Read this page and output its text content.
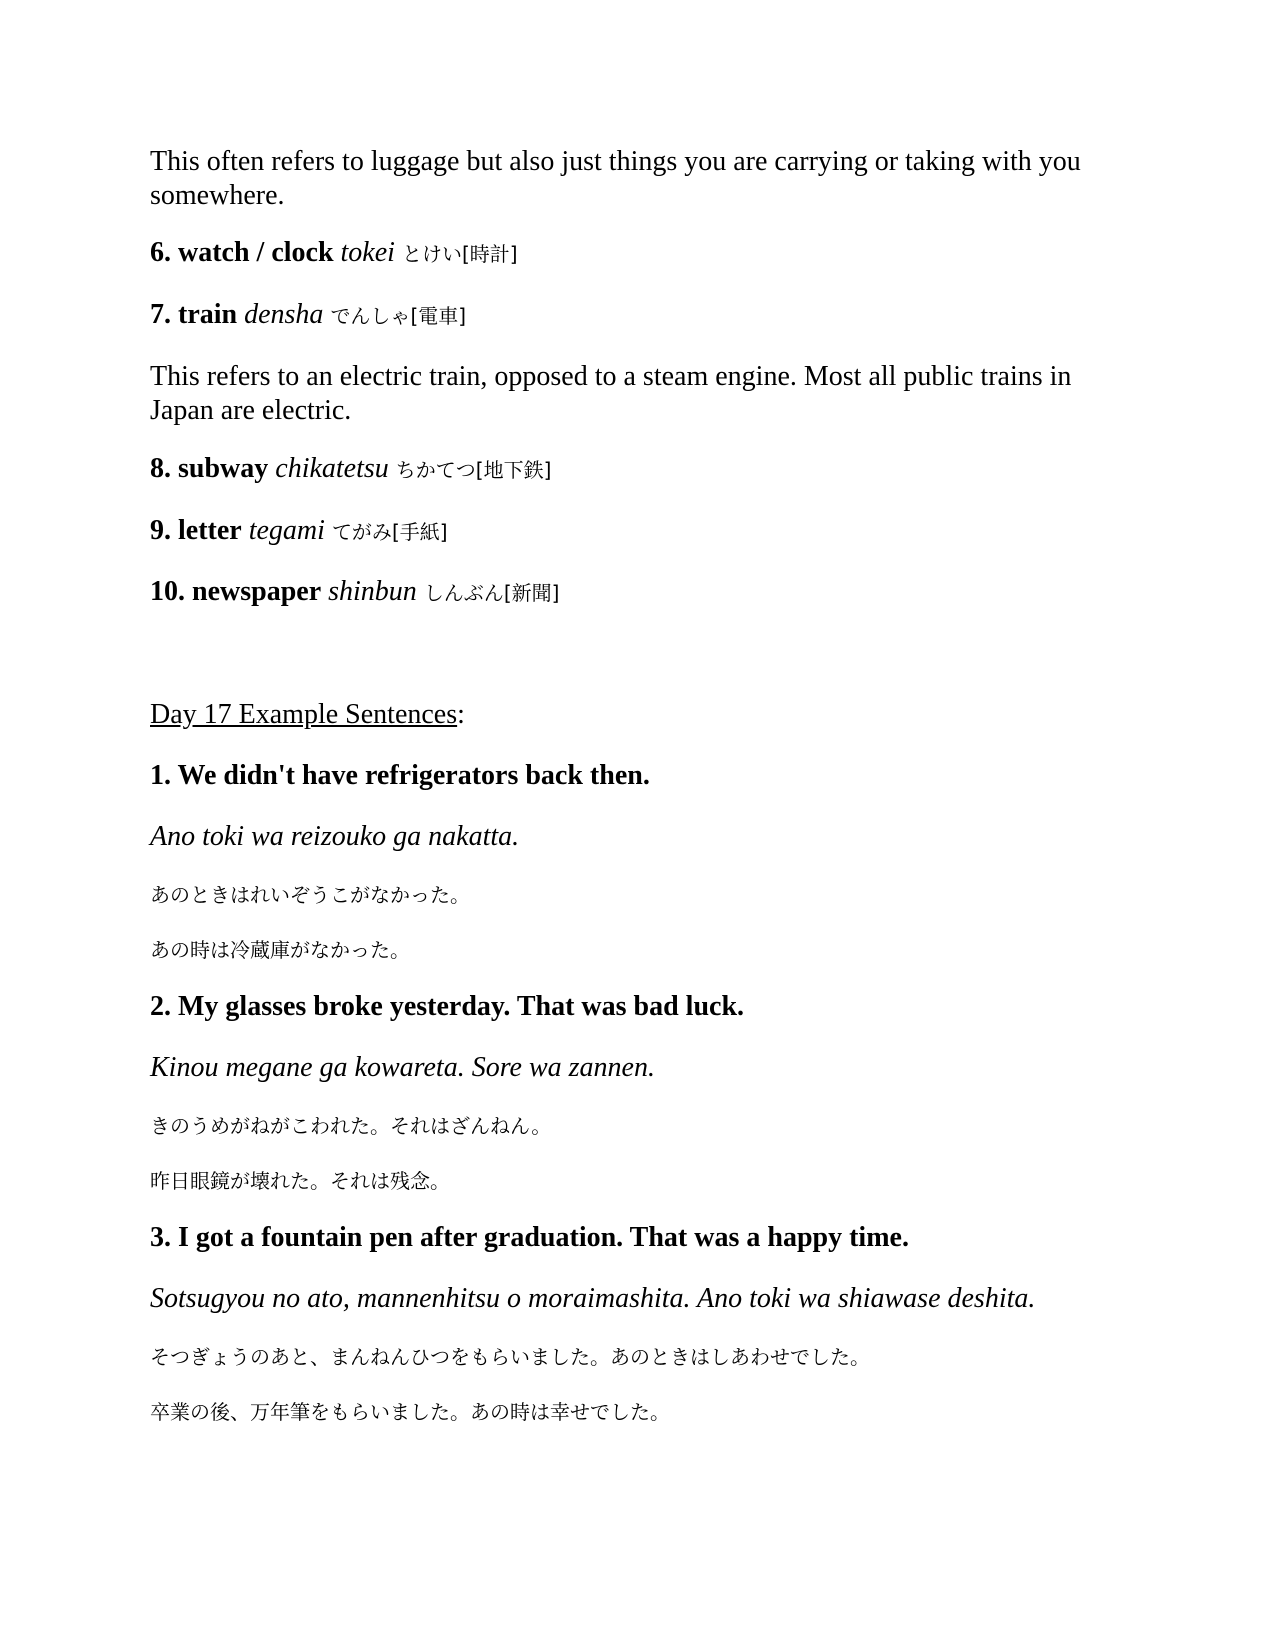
This often refers to luggage but also just things you are carrying or taking with you somewhere.

6. watch / clock tokei とけい[時計]

7. train densha でんしゃ[電車]

This refers to an electric train, opposed to a steam engine. Most all public trains in Japan are electric.

8. subway chikatetsu ちかてつ[地下鉄]

9. letter tegami てがみ[手紙]

10. newspaper shinbun しんぶん[新聞]

Day 17 Example Sentences:

1. We didn't have refrigerators back then.

Ano toki wa reizouko ga nakatta.

あのときはれいぞうこがなかった。

あの時は冷蔵庫がなかった。

2. My glasses broke yesterday. That was bad luck.

Kinou megane ga kowareta. Sore wa zannen.

きのうめがねがこわれた。それはざんねん。

昨日眼鏡が壊れた。それは残念。

3. I got a fountain pen after graduation. That was a happy time.

Sotsugyou no ato, mannenhitsu o moraimashita. Ano toki wa shiawase deshita.

そつぎょうのあと、まんねんひつをもらいました。あのときはしあわせでした。

卒業の後、万年筆をもらいました。あの時は幸せでした。
